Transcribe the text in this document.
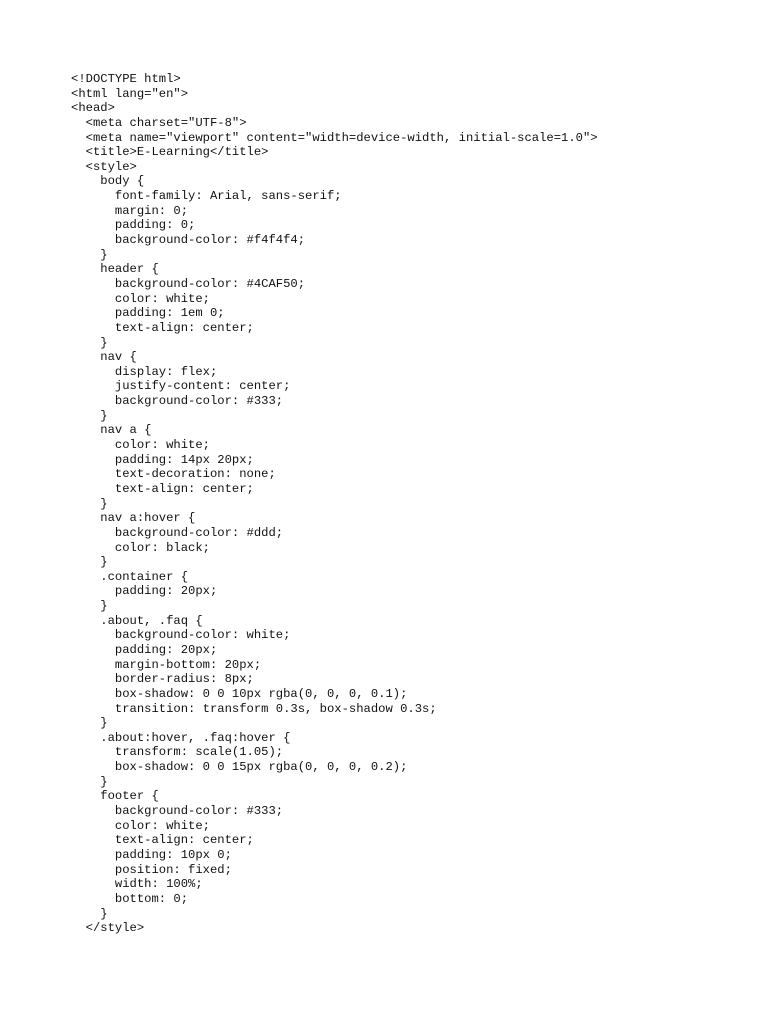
<!DOCTYPE html>
<html lang="en">
<head>
<meta charset="UTF-8">
<meta name="viewport" content="width=device-width, initial-scale=1.0">
<title>E-Learning</title>
<style>
body {
font-family: Arial, sans-serif;
margin: 0;
padding: 0;
background-color: #f4f4f4;
}
header {
background-color: #4CAF50;
color: white;
padding: 1em 0;
text-align: center;
}
nav {
display: flex;
justify-content: center;
background-color: #333;
}
nav a {
color: white;
padding: 14px 20px;
text-decoration: none;
text-align: center;
}
nav a:hover {
background-color: #ddd;
color: black;
}
.container {
padding: 20px;
}
.about, .faq {
background-color: white;
padding: 20px;
margin-bottom: 20px;
border-radius: 8px;
box-shadow: 0 0 10px rgba(0, 0, 0, 0.1);
transition: transform 0.3s, box-shadow 0.3s;
}
.about:hover, .faq:hover {
transform: scale(1.05);
box-shadow: 0 0 15px rgba(0, 0, 0, 0.2);
}
footer {
background-color: #333;
color: white;
text-align: center;
padding: 10px 0;
position: fixed;
width: 100%;
bottom: 0;
}
</style>
